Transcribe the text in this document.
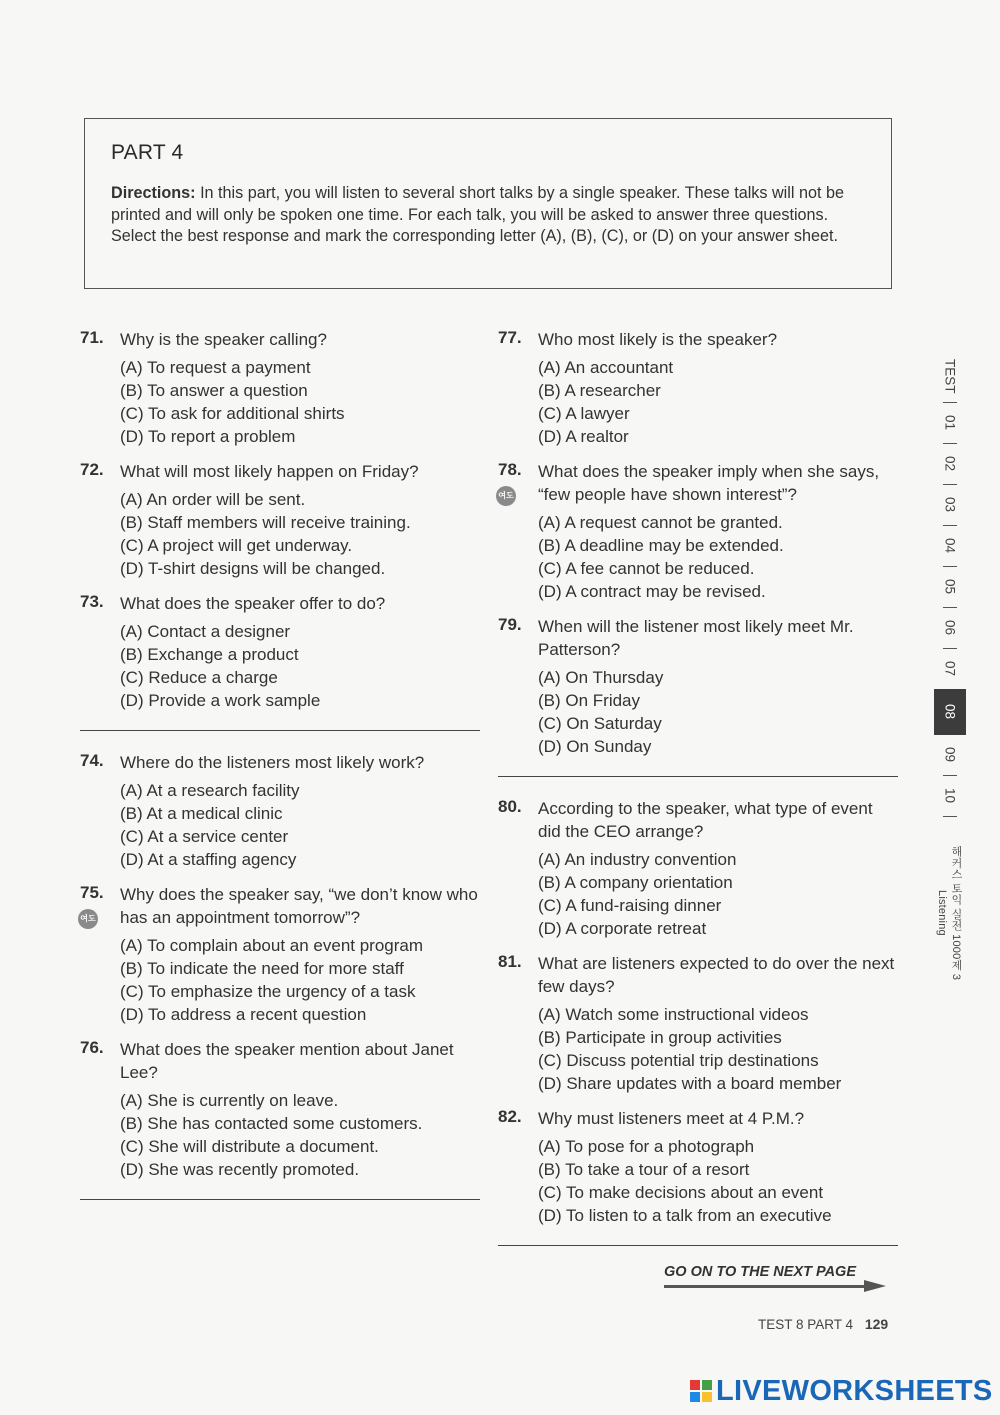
PART 4

Directions: In this part, you will listen to several short talks by a single speaker. These talks will not be printed and will only be spoken one time. For each talk, you will be asked to answer three questions. Select the best response and mark the corresponding letter (A), (B), (C), or (D) on your answer sheet.

71. Why is the speaker calling?
(A) To request a payment
(B) To answer a question
(C) To ask for additional shirts
(D) To report a problem
72. What will most likely happen on Friday?
(A) An order will be sent.
(B) Staff members will receive training.
(C) A project will get underway.
(D) T-shirt designs will be changed.
73. What does the speaker offer to do?
(A) Contact a designer
(B) Exchange a product
(C) Reduce a charge
(D) Provide a work sample
74. Where do the listeners most likely work?
(A) At a research facility
(B) At a medical clinic
(C) At a service center
(D) At a staffing agency
75.
여도
Why does the speaker say, “we don’t know who has an appointment tomorrow”?
(A) To complain about an event program
(B) To indicate the need for more staff
(C) To emphasize the urgency of a task
(D) To address a recent question
76. What does the speaker mention about Janet Lee?
(A) She is currently on leave.
(B) She has contacted some customers.
(C) She will distribute a document.
(D) She was recently promoted.
77. Who most likely is the speaker?
(A) An accountant
(B) A researcher
(C) A lawyer
(D) A realtor
78.
여도
What does the speaker imply when she says, “few people have shown interest”?
(A) A request cannot be granted.
(B) A deadline may be extended.
(C) A fee cannot be reduced.
(D) A contract may be revised.
79. When will the listener most likely meet Mr. Patterson?
(A) On Thursday
(B) On Friday
(C) On Saturday
(D) On Sunday
80. According to the speaker, what type of event did the CEO arrange?
(A) An industry convention
(B) A company orientation
(C) A fund-raising dinner
(D) A corporate retreat
81. What are listeners expected to do over the next few days?
(A) Watch some instructional videos
(B) Participate in group activities
(C) Discuss potential trip destinations
(D) Share updates with a board member
82. Why must listeners meet at 4 P.M.?
(A) To pose for a photograph
(B) To take a tour of a resort
(C) To make decisions about an event
(D) To listen to a talk from an executive
GO ON TO THE NEXT PAGE
TEST 8 PART 4 129
TEST
01
02
03
04
05
06
07
08
09
10
해커스 토익 실전 1000제 3 Listening
LIVEWORKSHEETS
